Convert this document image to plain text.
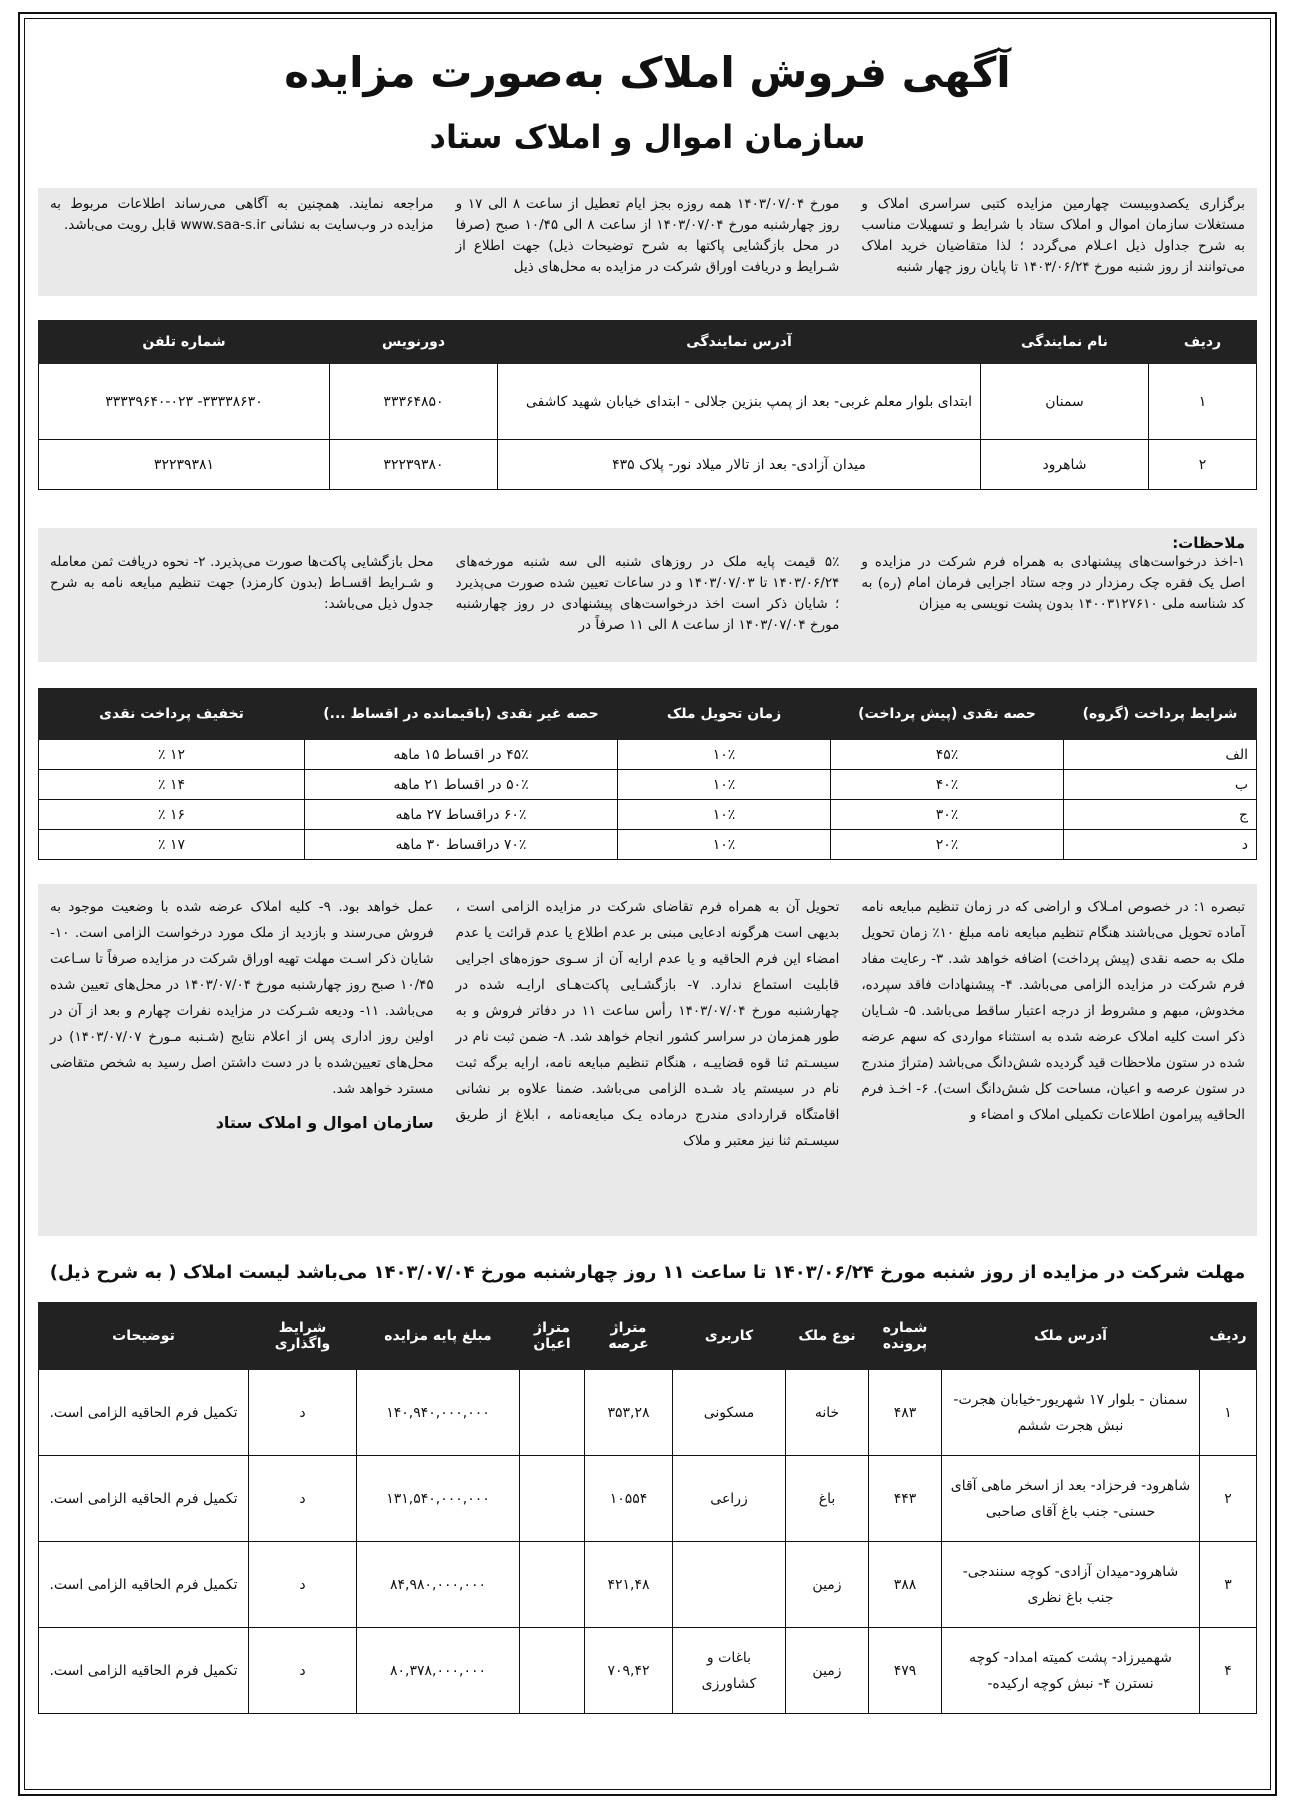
آگهی فروش املاک به‌صورت مزایده
سازمان اموال و املاک ستاد
برگزاری یکصدوبیست چهارمین مزایده کتبی سراسری املاک و مستغلات سازمان اموال و املاک ستاد با شرایط و تسهیلات مناسب به شرح جداول ذیل اعـلام می‌گردد ؛ لذا متقاضیان خرید املاک می‌توانند از روز شنبه مورخ ۱۴۰۳/۰۶/۲۴ تا پایان روز چهار شنبه
مورخ ۱۴۰۳/۰۷/۰۴ همه روزه بجز ایام تعطیل از ساعت ۸ الی ۱۷ و روز چهارشنبه مورخ ۱۴۰۳/۰۷/۰۴ از ساعت ۸ الی ۱۰/۴۵ صبح (صرفا در محل بازگشایی پاکتها به شرح توضیحات ذیل) جهت اطلاع از شـرایط و دریافت اوراق شرکت در مزایده به محل‌های ذیل
مراجعه نمایند. همچنین به آگاهی می‌رساند اطلاعات مربوط به مزایده در وب‌سایت به نشانی www.saa-s.ir قابل رویت می‌باشد.
ردیف	نام نمایندگی	آدرس نمایندگی	دورنویس	شماره تلفن
۱	سمنان	ابتدای بلوار معلم غربی- بعد از پمپ بنزین جلالی - ابتدای خیابان شهید کاشفی	۳۳۳۶۴۸۵۰	۳۳۳۳۸۶۳۰- ۳۳۳۳۹۶۴۰-۰۲۳
۲	شاهرود	میدان آزادی- بعد از تالار میلاد نور- پلاک ۴۳۵	۳۲۲۳۹۳۸۰	۳۲۲۳۹۳۸۱
ملاحظات:
۱-اخذ درخواست‌های پیشنهادی به همراه فرم شرکت در مزایده و اصل یک فقره چک رمزدار در وجه ستاد اجرایی فرمان امام (ره) به کد شناسه ملی ۱۴۰۰۳۱۲۷۶۱۰ بدون پشت نویسی به میزان
۵٪ قیمت پایه ملک در روزهای شنبه الی سه شنبه مورخه‌های ۱۴۰۳/۰۶/۲۴ تا ۱۴۰۳/۰۷/۰۳ و در ساعات تعیین شده صورت می‌پذیرد ؛ شایان ذکر است اخذ درخواست‌های پیشنهادی در روز چهارشنبه مورخ ۱۴۰۳/۰۷/۰۴ از ساعت ۸ الی ۱۱ صرفاً در
محل بازگشایی پاکت‌ها صورت می‌پذیرد. ۲- نحوه دریافت ثمن معامله و شـرایط اقسـاط (بدون کارمزد) جهت تنظیم مبایعه نامه به شرح جدول ذیل می‌باشد:
شرایط پرداخت (گروه)	حصه نقدی (پیش پرداخت)	زمان تحویل ملک	حصه غیر نقدی (باقیمانده در اقساط ...)	تخفیف پرداخت نقدی
الف	۴۵٪	۱۰٪	۴۵٪ در اقساط ۱۵ ماهه	۱۲ ٪
ب	۴۰٪	۱۰٪	۵۰٪ در اقساط ۲۱ ماهه	۱۴ ٪
ج	۳۰٪	۱۰٪	۶۰٪ دراقساط ۲۷ ماهه	۱۶ ٪
د	۲۰٪	۱۰٪	۷۰٪ دراقساط ۳۰ ماهه	۱۷ ٪
تبصره ۱: در خصوص امـلاک و اراضی که در زمان تنظیم مبایعه نامه آماده تحویل می‌باشند هنگام تنظیم مبایعه نامه مبلغ ۱۰٪ زمان تحویل ملک به حصه نقدی (پیش پرداخت) اضافه خواهد شد. ۳- رعایت مفاد فرم شرکت در مزایده الزامی می‌باشد. ۴- پیشنهادات فاقد سپرده، مخدوش، مبهم و مشروط از درجه اعتبار ساقط می‌باشد. ۵- شـایان ذکر است کلیه املاک عرضه شده به استثناء مواردی که سهم عرضه شده در ستون ملاحظات قید گردیده شش‌دانگ می‌باشد (متراژ مندرج در ستون عرصه و اعیان، مساحت کل شش‌دانگ است). ۶- اخـذ فرم الحاقیه پیرامون اطلاعات تکمیلی املاک و امضاء و
تحویل آن به همراه فرم تقاضای شرکت در مزایده الزامی است ، بدیهی است هرگونه ادعایی مبنی بر عدم اطلاع یا عدم قرائت یا عدم امضاء این فرم الحاقیه و یا عدم ارایه آن از سـوی حوزه‌های اجرایی قابلیت استماع ندارد. ۷- بازگشـایی پاکت‌هـای ارایـه شده در چهارشنبه مورخ ۱۴۰۳/۰۷/۰۴ رأس ساعت ۱۱ در دفاتر فروش و به طور همزمان در سراسر کشور انجام خواهد شد. ۸- ضمن ثبت نام در سیسـتم ثنا قوه قضاییـه ، هنگام تنظیم مبایعه نامه، ارایه برگه ثبت نام در سیستم یاد شـده الزامی می‌باشد. ضمنا علاوه بر نشانی اقامتگاه قراردادی مندرج درماده یـک مبایعه‌نامه ، ابلاغ از طریق سیسـتم ثنا نیز معتبر و ملاک
عمل خواهد بود. ۹- کلیه املاک عرضه شده با وضعیت موجود به فروش می‌رسند و بازدید از ملک مورد درخواست الزامی است. ۱۰-شایان ذکر اسـت مهلت تهیه اوراق شرکت در مزایده صرفاً تا سـاعت ۱۰/۴۵ صبح روز چهارشنبه مورخ ۱۴۰۳/۰۷/۰۴ در محل‌های تعیین شده می‌باشد. ۱۱- ودیعه شـرکت در مزایده نفرات چهارم و بعد از آن در اولین روز اداری پس از اعلام نتایج (شـنبه مـورخ ۱۴۰۳/۰۷/۰۷) در محل‌های تعیین‌شده با در دست داشتن اصل رسید به شخص متقاضی مسترد خواهد شد.
سازمان اموال و املاک ستاد
مهلت شرکت در مزایده از روز شنبه مورخ ۱۴۰۳/۰۶/۲۴ تا ساعت ۱۱ روز چهارشنبه مورخ ۱۴۰۳/۰۷/۰۴ می‌باشد لیست املاک ( به شرح ذیل)
ردیف	آدرس ملک	شماره پرونده	نوع ملک	کاربری	متراژ عرصه	متراژ اعیان	مبلغ پایه مزایده	شرایط واگذاری	توضیحات
۱	سمنان - بلوار ۱۷ شهریور-خیابان هجرت- نبش هجرت ششم	۴۸۳	خانه	مسکونی	۳۵۳,۲۸		۱۴۰,۹۴۰,۰۰۰,۰۰۰	د	تکمیل فرم الحاقیه الزامی است.
۲	شاهرود- فرحزاد- بعد از اسخر ماهی آقای حسنی- جنب باغ آقای صاحبی	۴۴۳	باغ	زراعی	۱۰۵۵۴		۱۳۱,۵۴۰,۰۰۰,۰۰۰	د	تکمیل فرم الحاقیه الزامی است.
۳	شاهرود-میدان آزادی- کوچه سنندجی- جنب باغ نظری	۳۸۸	زمین		۴۲۱,۴۸		۸۴,۹۸۰,۰۰۰,۰۰۰	د	تکمیل فرم الحاقیه الزامی است.
۴	شهمیرزاد- پشت کمیته امداد- کوچه نسترن ۴- نبش کوچه ارکیده-	۴۷۹	زمین	باغات و کشاورزی	۷۰۹,۴۲		۸۰,۳۷۸,۰۰۰,۰۰۰	د	تکمیل فرم الحاقیه الزامی است.
